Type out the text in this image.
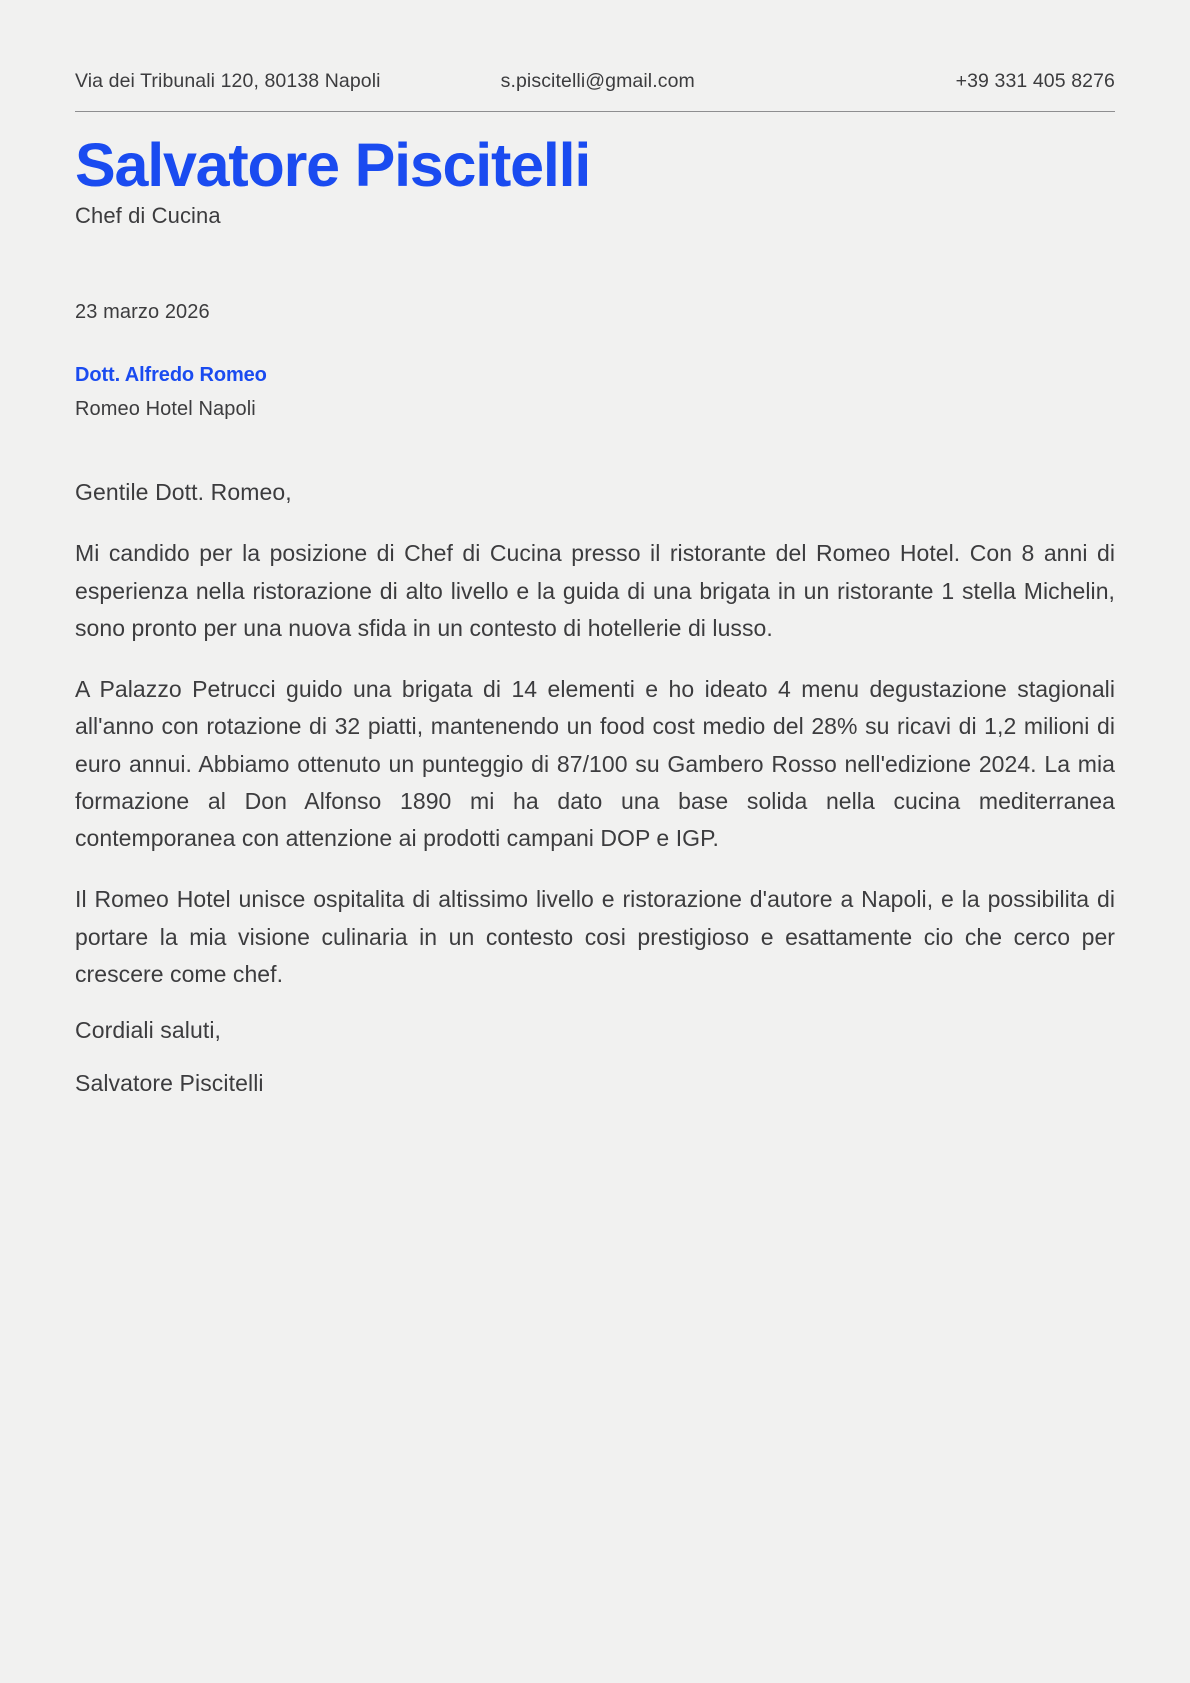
Via dei Tribunali 120, 80138 Napoli	s.piscitelli@gmail.com	+39 331 405 8276
Salvatore Piscitelli

Chef di Cucina

23 marzo 2026

Dott. Alfredo Romeo

Romeo Hotel Napoli

Gentile Dott. Romeo,

Mi candido per la posizione di Chef di Cucina presso il ristorante del Romeo Hotel. Con 8 anni di esperienza nella ristorazione di alto livello e la guida di una brigata in un ristorante 1 stella Michelin, sono pronto per una nuova sfida in un contesto di hotellerie di lusso.

A Palazzo Petrucci guido una brigata di 14 elementi e ho ideato 4 menu degustazione stagionali all'anno con rotazione di 32 piatti, mantenendo un food cost medio del 28% su ricavi di 1,2 milioni di euro annui. Abbiamo ottenuto un punteggio di 87/100 su Gambero Rosso nell'edizione 2024. La mia formazione al Don Alfonso 1890 mi ha dato una base solida nella cucina mediterranea contemporanea con attenzione ai prodotti campani DOP e IGP.

Il Romeo Hotel unisce ospitalita di altissimo livello e ristorazione d'autore a Napoli, e la possibilita di portare la mia visione culinaria in un contesto cosi prestigioso e esattamente cio che cerco per crescere come chef.

Cordiali saluti,

Salvatore Piscitelli
